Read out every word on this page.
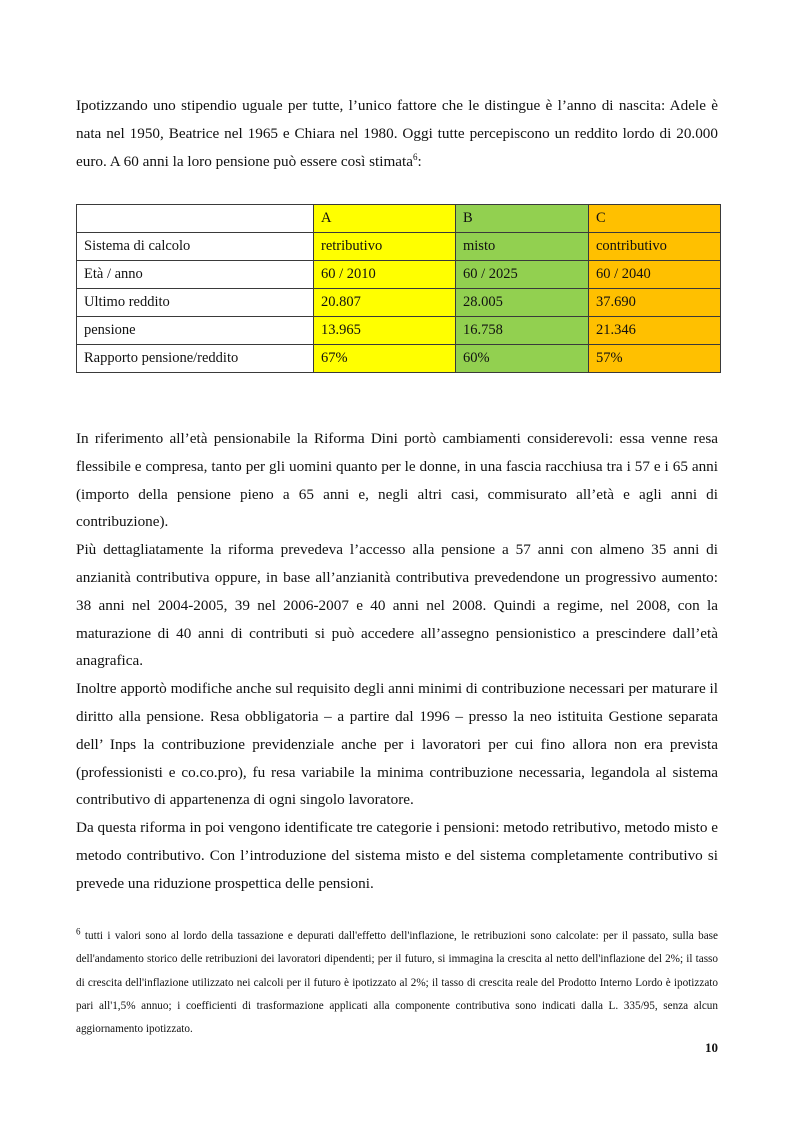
Ipotizzando uno stipendio uguale per tutte, l’unico fattore che le distingue è l’anno di nascita: Adele è nata nel 1950, Beatrice nel 1965 e Chiara nel 1980. Oggi tutte percepiscono un reddito lordo di 20.000 euro. A 60 anni la loro pensione può essere così stimata$^6$:

	A	B	C
Sistema di calcolo	retributivo	misto	contributivo
Età / anno	60 / 2010	60 / 2025	60 / 2040
Ultimo reddito	20.807	28.005	37.690
pensione	13.965	16.758	21.346
Rapporto pensione/reddito	67%	60%	57%

In riferimento all’età pensionabile la Riforma Dini portò cambiamenti considerevoli: essa venne resa flessibile e compresa, tanto per gli uomini quanto per le donne, in una fascia racchiusa tra i 57 e i 65 anni (importo della pensione pieno a 65 anni e, negli altri casi, commisurato all’età e agli anni di contribuzione).

Più dettagliatamente la riforma prevedeva l’accesso alla pensione a 57 anni con almeno 35 anni di anzianità contributiva oppure, in base all’anzianità contributiva prevedendone un progressivo aumento: 38 anni nel 2004-2005, 39 nel 2006-2007 e 40 anni nel 2008. Quindi a regime, nel 2008, con la maturazione di 40 anni di contributi si può accedere all’assegno pensionistico a prescindere dall’età anagrafica.

Inoltre apportò modifiche anche sul requisito degli anni minimi di contribuzione necessari per maturare il diritto alla pensione. Resa obbligatoria – a partire dal 1996 – presso la neo istituita Gestione separata dell’ Inps la contribuzione previdenziale anche per i lavoratori per cui fino allora non era prevista (professionisti e co.co.pro), fu resa variabile la minima contribuzione necessaria, legandola al sistema contributivo di appartenenza di ogni singolo lavoratore.

Da questa riforma in poi vengono identificate tre categorie i pensioni: metodo retributivo, metodo misto e metodo contributivo. Con l’introduzione del sistema misto e del sistema completamente contributivo si prevede una riduzione prospettica delle pensioni.

$^6$ tutti i valori sono al lordo della tassazione e depurati dall'effetto dell'inflazione, le retribuzioni sono calcolate: per il passato, sulla base dell'andamento storico delle retribuzioni dei lavoratori dipendenti; per il futuro, si immagina la crescita al netto dell'inflazione del 2%; il tasso di crescita dell'inflazione utilizzato nei calcoli per il futuro è ipotizzato al 2%; il tasso di crescita reale del Prodotto Interno Lordo è ipotizzato pari all'1,5% annuo; i coefficienti di trasformazione applicati alla componente contributiva sono indicati dalla L. 335/95, senza alcun aggiornamento ipotizzato.
10
